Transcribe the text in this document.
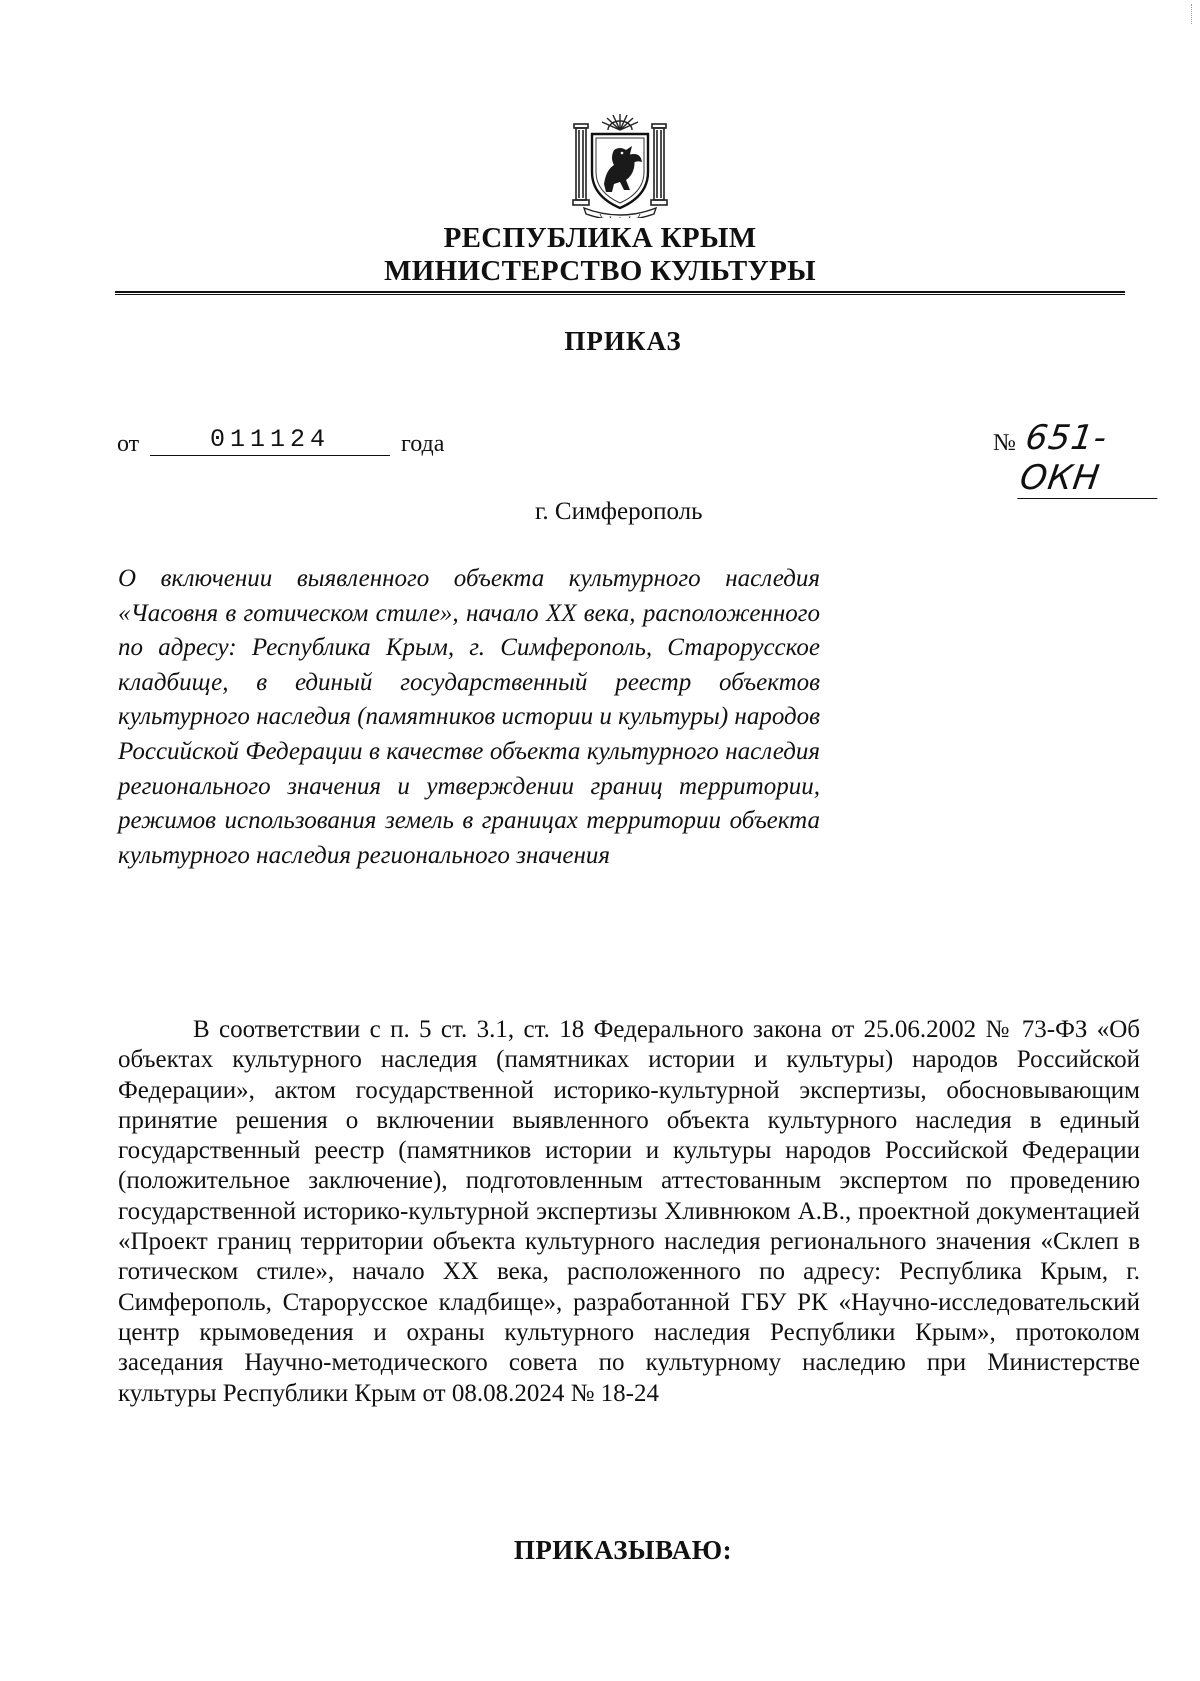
РЕСПУБЛИКА КРЫМ
МИНИСТЕРСТВО КУЛЬТУРЫ
ПРИКАЗ
от	011124	года	№ 651-ОКН
г. Симферополь
О включении выявленного объекта культурного наследия «Часовня в готическом стиле», начало XX века, расположенного по адресу: Республика Крым, г. Симферополь, Старорусское кладбище, в единый государственный реестр объектов культурного наследия (памятников истории и культуры) народов Российской Федерации в качестве объекта культурного наследия регионального значения и утверждении границ территории, режимов использования земель в границах территории объекта культурного наследия регионального значения
В соответствии с п. 5 ст. 3.1, ст. 18 Федерального закона от 25.06.2002 № 73-ФЗ «Об объектах культурного наследия (памятниках истории и культуры) народов Российской Федерации», актом государственной историко-культурной экспертизы, обосновывающим принятие решения о включении выявленного объекта культурного наследия в единый государственный реестр (памятников истории и культуры народов Российской Федерации (положительное заключение), подготовленным аттестованным экспертом по проведению государственной историко-культурной экспертизы Хливнюком А.В., проектной документацией «Проект границ территории объекта культурного наследия регионального значения «Склеп в готическом стиле», начало XX века, расположенного по адресу: Республика Крым, г. Симферополь, Старорусское кладбище», разработанной ГБУ РК «Научно-исследовательский центр крымоведения и охраны культурного наследия Республики Крым», протоколом заседания Научно-методического совета по культурному наследию при Министерстве культуры Республики Крым от 08.08.2024 № 18-24
ПРИКАЗЫВАЮ:
